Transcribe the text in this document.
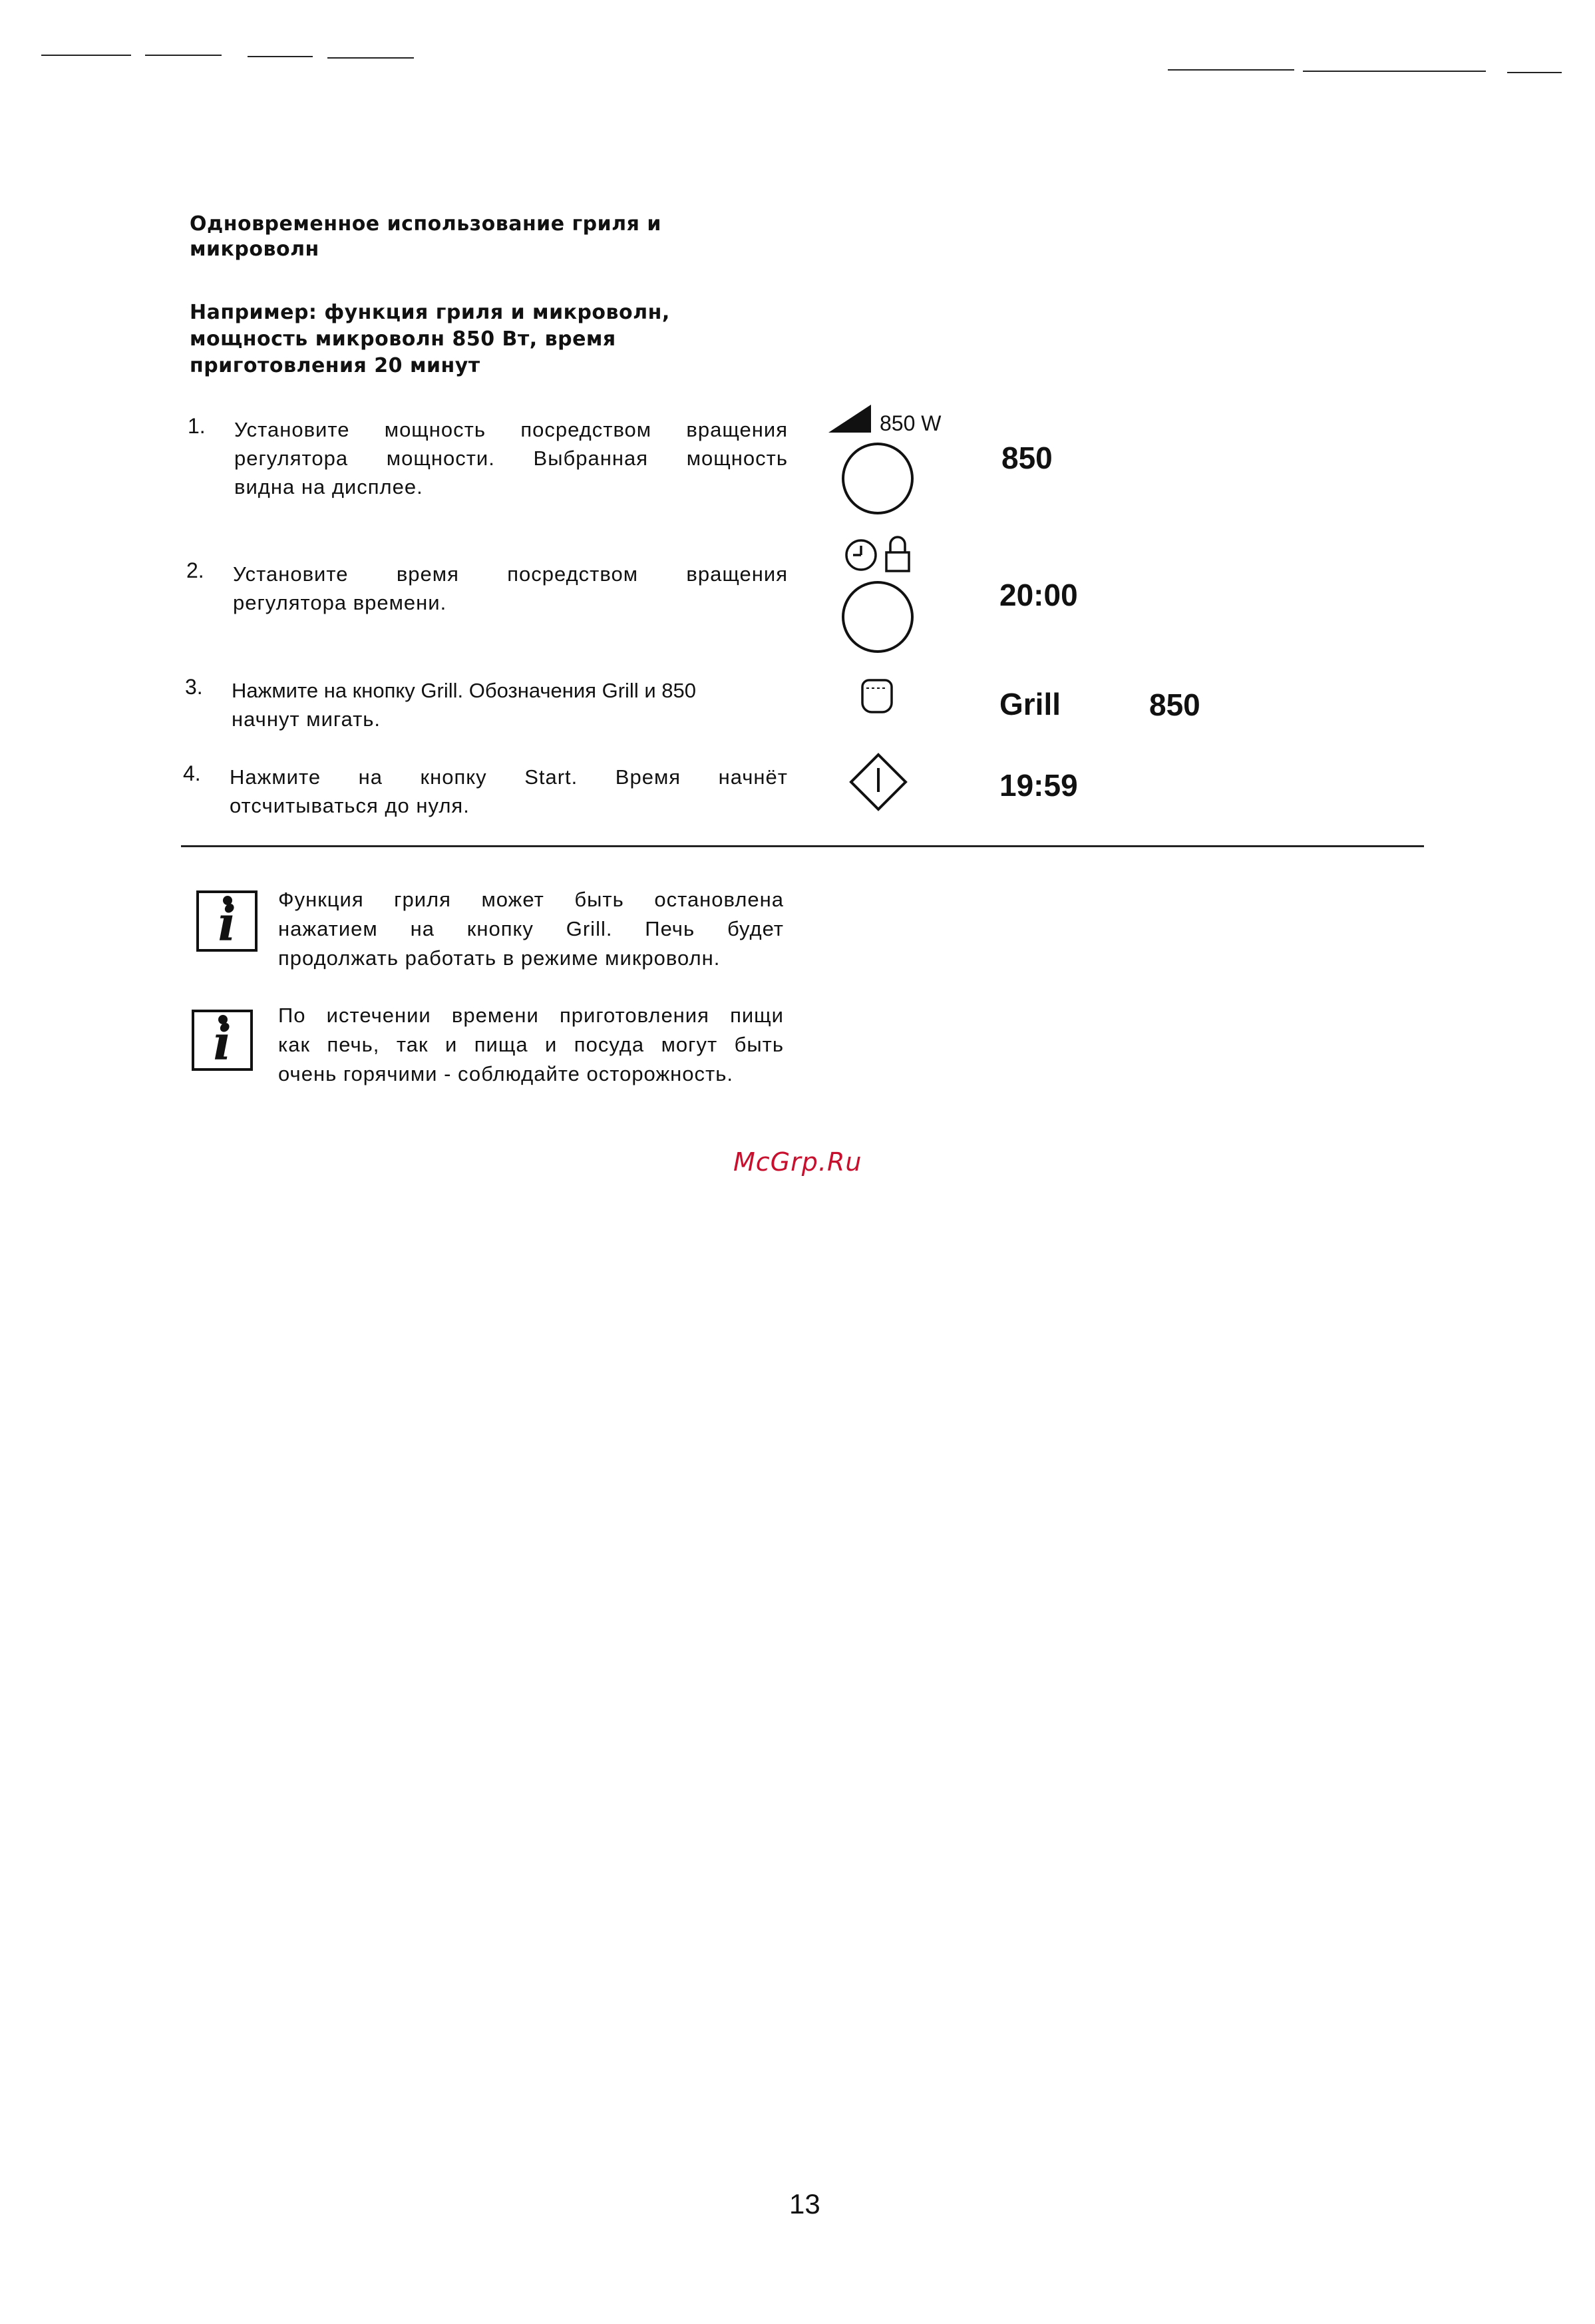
Одновременное использование гриля и
микроволн
Например: функция гриля и микроволн,
мощность микроволн 850 Вт, время
приготовления 20 минут
1. Установите мощность посредством вращения
регулятора мощности. Выбранная мощность
видна на дисплее.
850 W
850
2. Установите время посредством вращения
регулятора времени.	20:00
3. Нажмите на кнопку Grill. Обозначения Grill и 850
начнут мигать.	Grill	850
4. Нажмите на кнопку Start. Время начнёт
отсчитываться до нуля.
19:59
i	Функция гриля может быть остановлена
нажатием на кнопку Grill. Печь будет
продолжать работать в режиме микроволн.
i	По истечении времени приготовления пищи
как печь, так и пища и посуда могут быть
очень горячими - соблюдайте осторожность.
McGrp.Ru
13
